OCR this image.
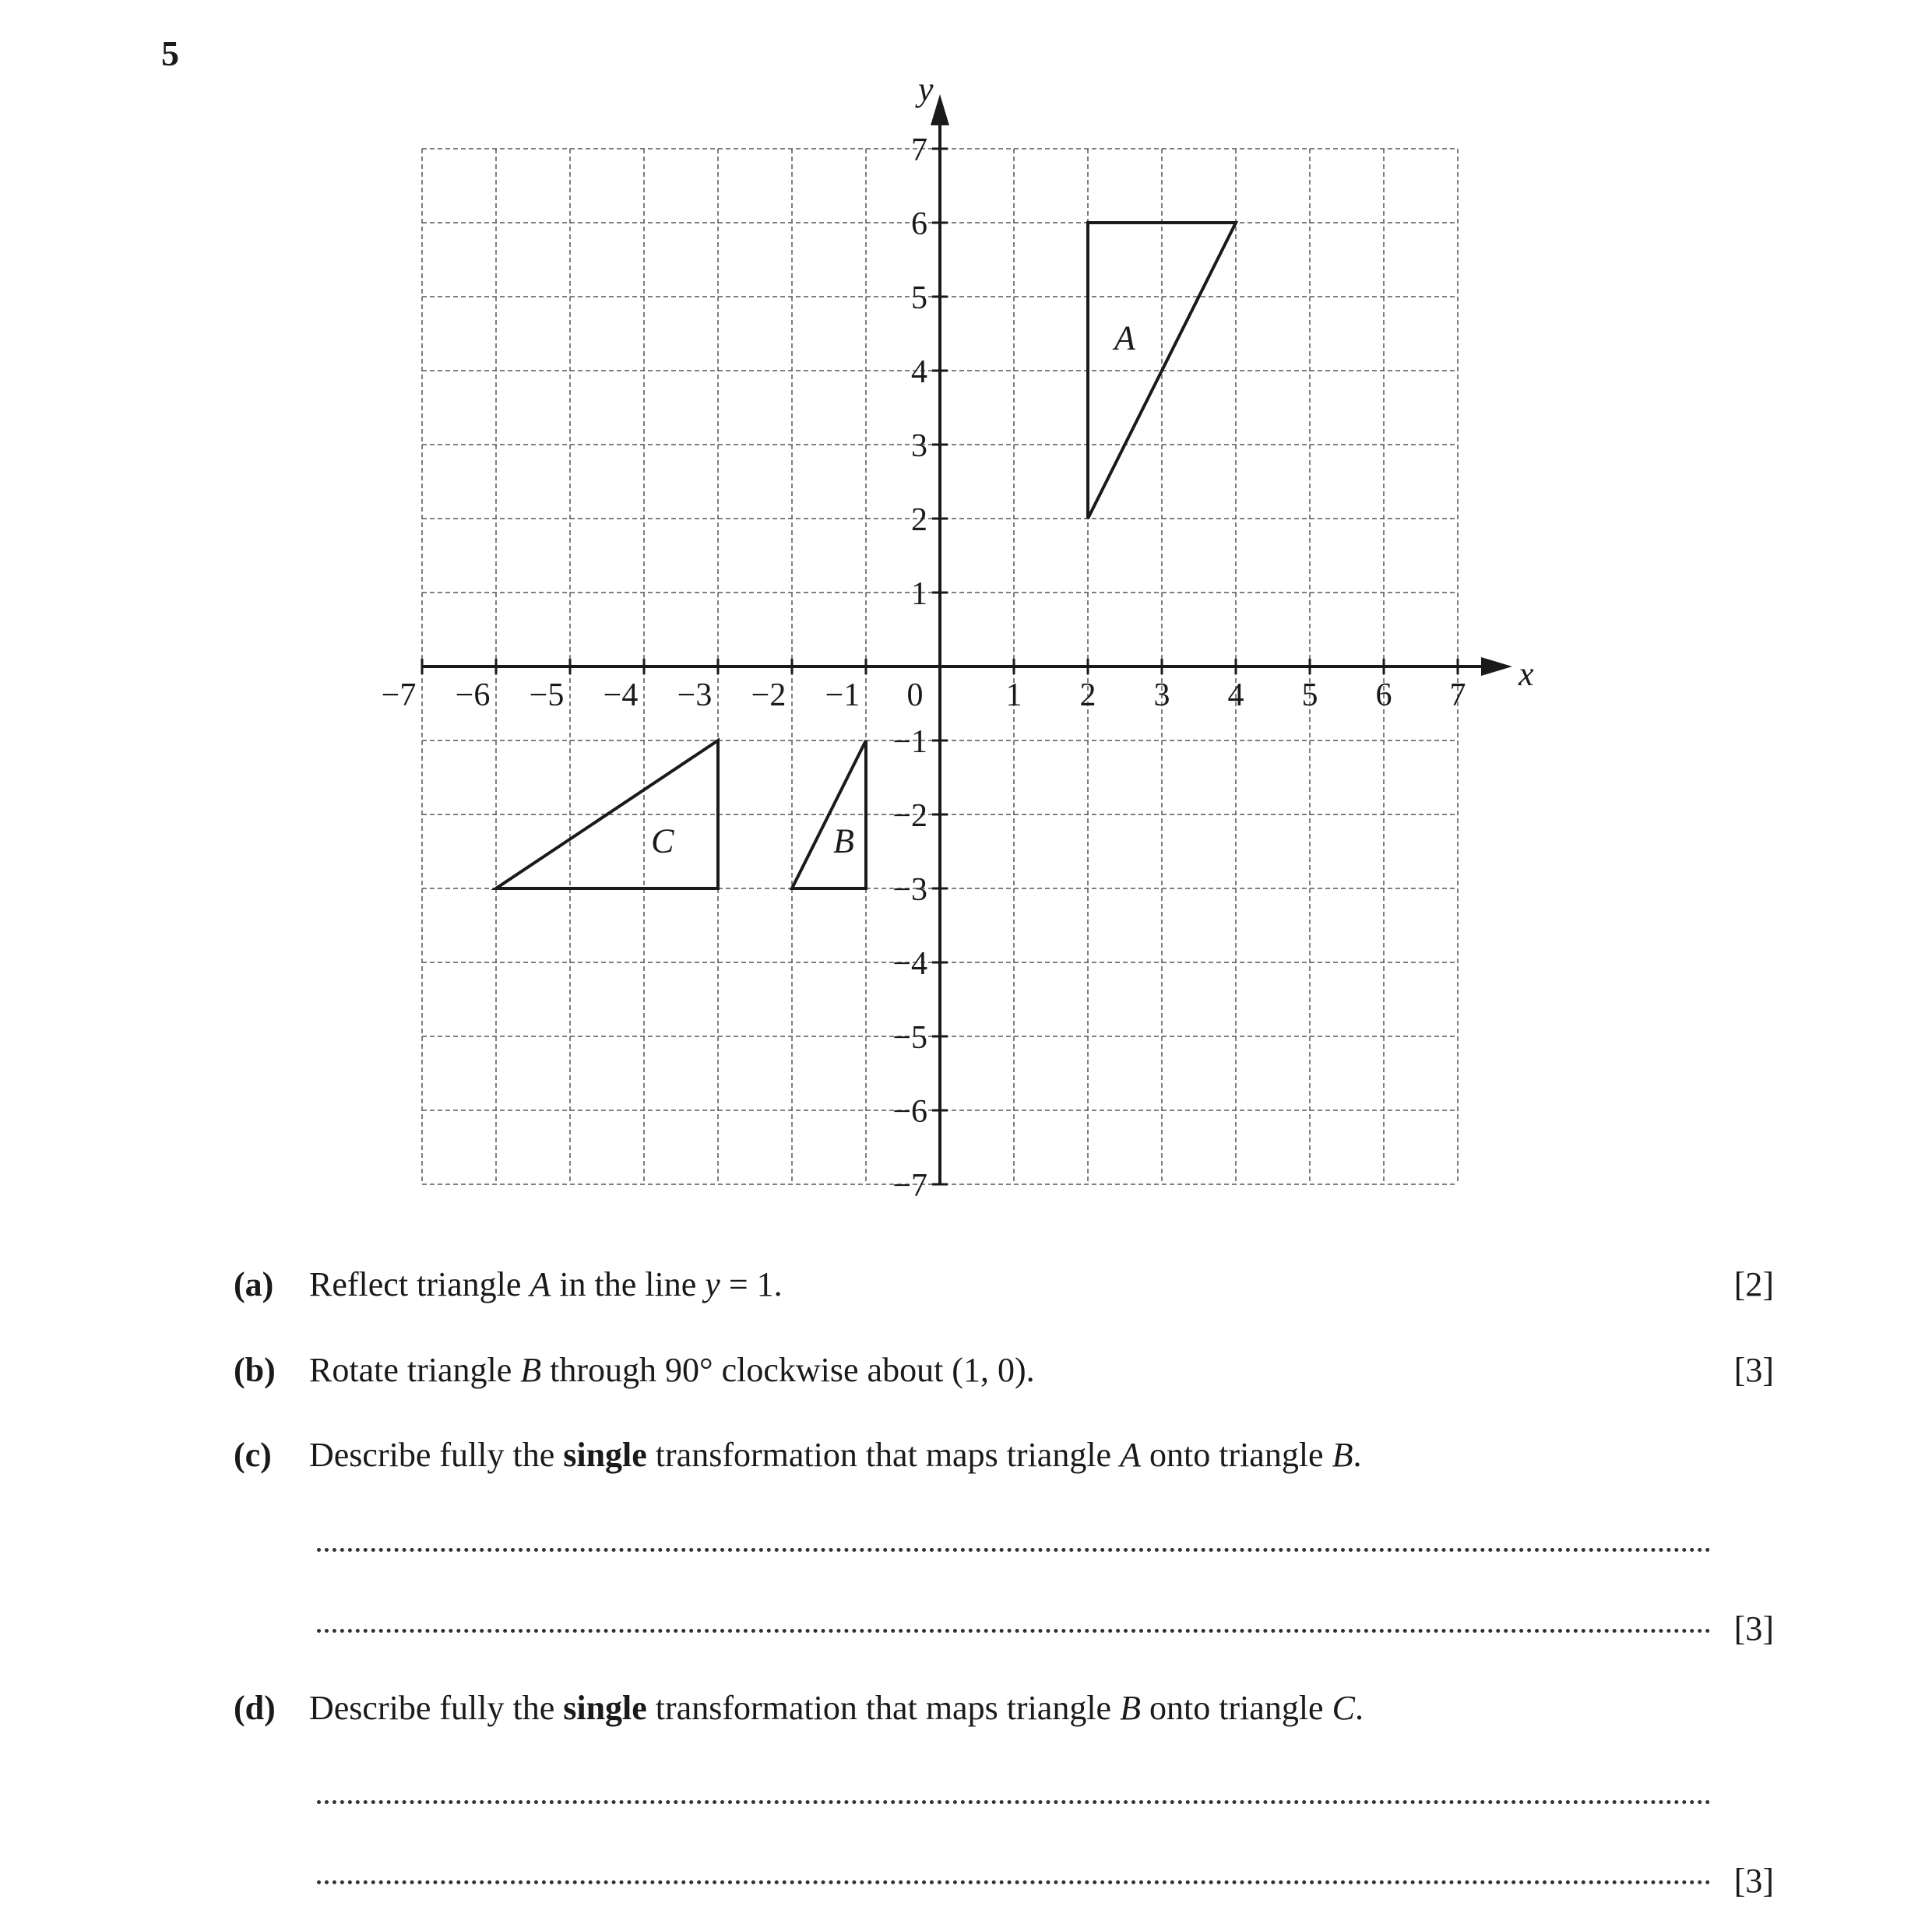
5
x
y
−7 −6 −5 −4 −3 −2 −1 0	1 2 3 4 5 6 7
7
6
5
4
3
2
1
−1
−2
−3
−4
−5
−6
−7
A
B
C
(a) Reflect triangle A in the line y = 1.	[2]
(b) Rotate triangle B through 90° clockwise about (1, 0).	[3]
(c) Describe fully the single transformation that maps triangle A onto triangle B.
[3]
(d) Describe fully the single transformation that maps triangle B onto triangle C.
[3]
